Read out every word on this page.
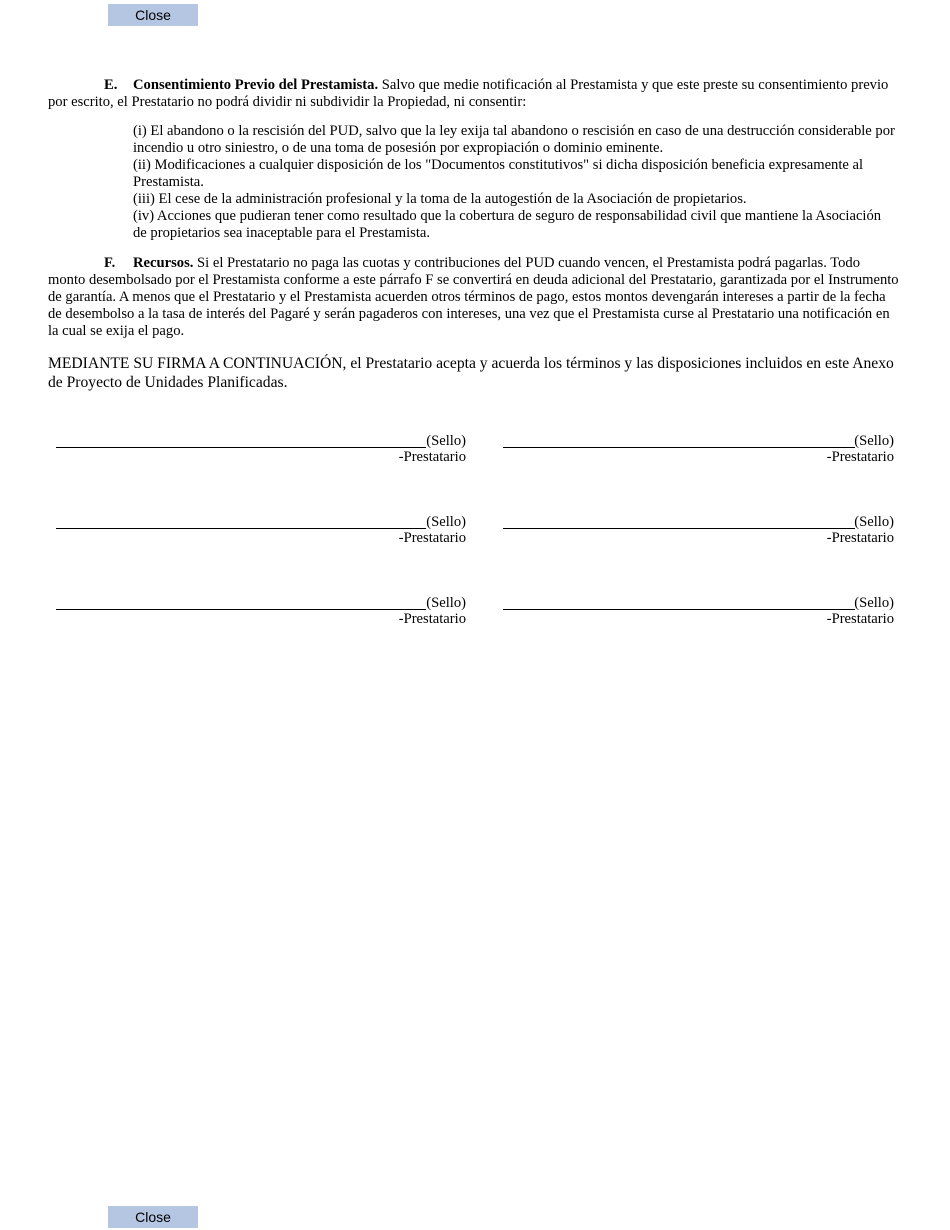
Close

E. Consentimiento Previo del Prestamista. Salvo que medie notificación al Prestamista y que este preste su consentimiento previo por escrito, el Prestatario no podrá dividir ni subdividir la Propiedad, ni consentir:

(i) El abandono o la rescisión del PUD, salvo que la ley exija tal abandono o rescisión en caso de una destrucción considerable por incendio u otro siniestro, o de una toma de posesión por expropiación o dominio eminente.

(ii) Modificaciones a cualquier disposición de los "Documentos constitutivos" si dicha disposición beneficia expresamente al Prestamista.

(iii) El cese de la administración profesional y la toma de la autogestión de la Asociación de propietarios.

(iv) Acciones que pudieran tener como resultado que la cobertura de seguro de responsabilidad civil que mantiene la Asociación de propietarios sea inaceptable para el Prestamista.

F. Recursos. Si el Prestatario no paga las cuotas y contribuciones del PUD cuando vencen, el Prestamista podrá pagarlas. Todo monto desembolsado por el Prestamista conforme a este párrafo F se convertirá en deuda adicional del Prestatario, garantizada por el Instrumento de garantía. A menos que el Prestatario y el Prestamista acuerden otros términos de pago, estos montos devengarán intereses a partir de la fecha de desembolso a la tasa de interés del Pagaré y serán pagaderos con intereses, una vez que el Prestamista curse al Prestatario una notificación en la cual se exija el pago.

MEDIANTE SU FIRMA A CONTINUACIÓN, el Prestatario acepta y acuerda los términos y las disposiciones incluidos en este Anexo de Proyecto de Unidades Planificadas.

(Sello)
-Prestatario
(Sello)
-Prestatario
(Sello)
-Prestatario
(Sello)
-Prestatario
(Sello)
-Prestatario
(Sello)
-Prestatario
Close
